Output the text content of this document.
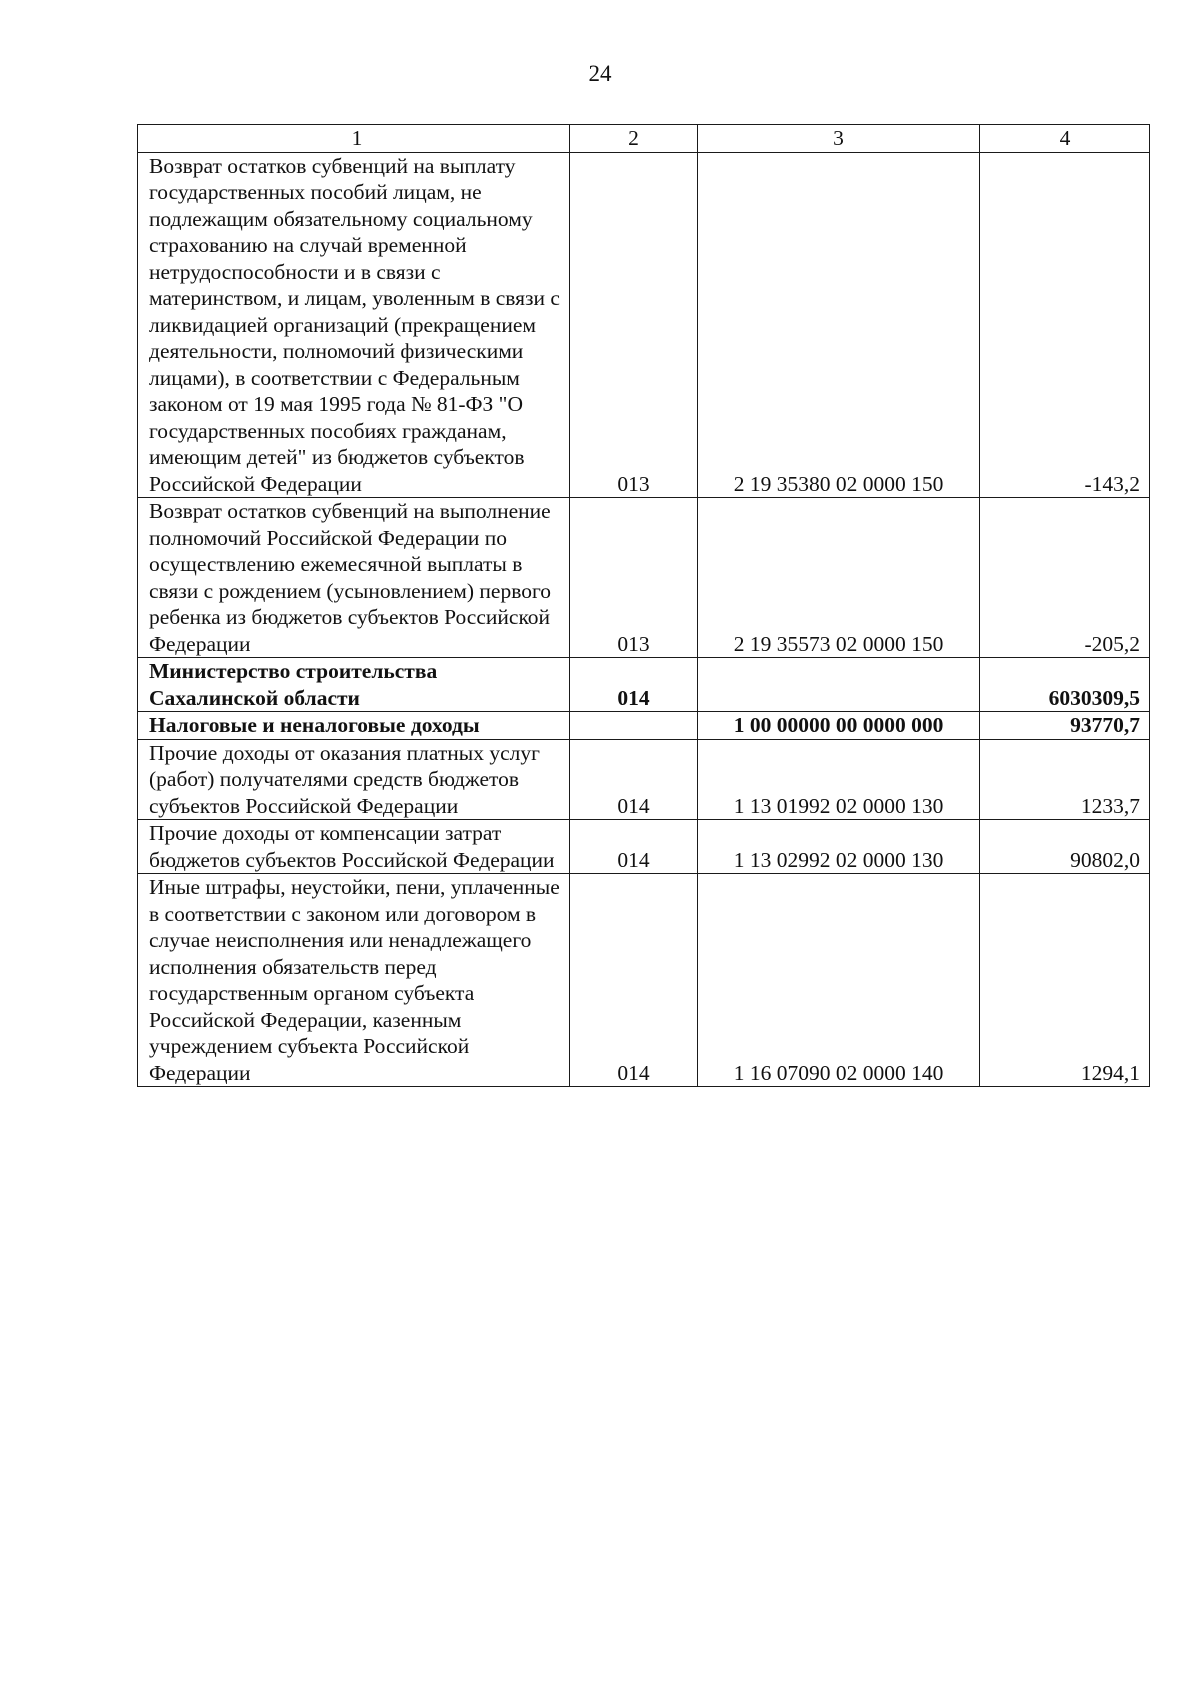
24
1	2	3	4
Возврат остатков субвенций на выплату государственных пособий лицам, не подлежащим обязательному социальному страхованию на случай временной нетрудоспособности и в связи с материнством, и лицам, уволенным в связи с ликвидацией организаций (прекращением деятельности, полномочий физическими лицами), в соответствии с Федеральным законом от 19 мая 1995 года № 81-ФЗ "О государственных пособиях гражданам, имеющим детей" из бюджетов субъектов Российской Федерации	013	2 19 35380 02 0000 150	-143,2
Возврат остатков субвенций на выполнение полномочий Российской Федерации по осуществлению ежемесячной выплаты в связи с рождением (усыновлением) первого ребенка из бюджетов субъектов Российской Федерации	013	2 19 35573 02 0000 150	-205,2
Министерство строительства Сахалинской области	014		6030309,5
Налоговые и неналоговые доходы		1 00 00000 00 0000 000	93770,7
Прочие доходы от оказания платных услуг (работ) получателями средств бюджетов субъектов Российской Федерации	014	1 13 01992 02 0000 130	1233,7
Прочие доходы от компенсации затрат бюджетов субъектов Российской Федерации	014	1 13 02992 02 0000 130	90802,0
Иные штрафы, неустойки, пени, уплаченные в соответствии с законом или договором в случае неисполнения или ненадлежащего исполнения обязательств перед государственным органом субъекта Российской Федерации, казенным учреждением субъекта Российской Федерации	014	1 16 07090 02 0000 140	1294,1
